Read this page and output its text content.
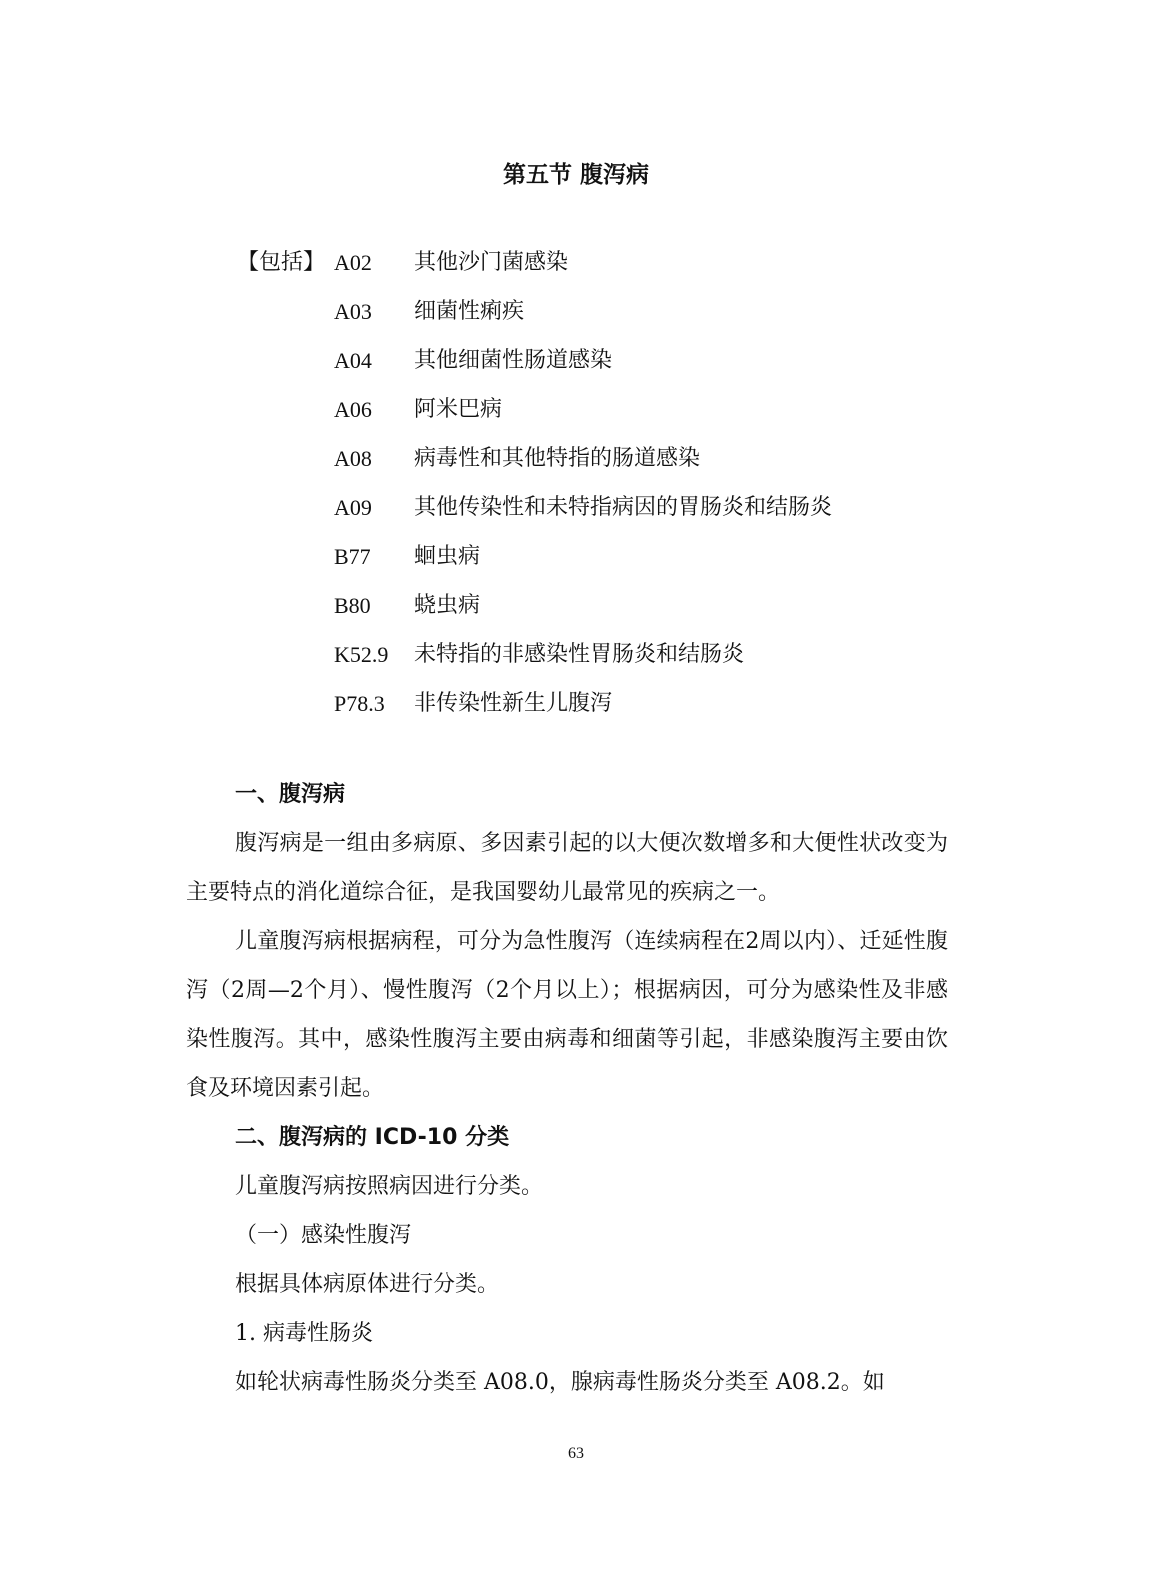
第五节 腹泻病
【包括】 A02	其他沙门菌感染
A03	细菌性痢疾
A04	其他细菌性肠道感染
A06	阿米巴病
A08	病毒性和其他特指的肠道感染
A09	其他传染性和未特指病因的胃肠炎和结肠炎
B77	蛔虫病
B80	蛲虫病
K52.9	未特指的非感染性胃肠炎和结肠炎
P78.3	非传染性新生儿腹泻
一、腹泻病
腹泻病是一组由多病原、多因素引起的以大便次数增多和大便性状改变为主要特点的消化道综合征，是我国婴幼儿最常见的疾病之一。
儿童腹泻病根据病程，可分为急性腹泻（连续病程在2周以内）、迁延性腹泻（2周—2个月）、慢性腹泻（2个月以上）；根据病因，可分为感染性及非感染性腹泻。其中，感染性腹泻主要由病毒和细菌等引起，非感染腹泻主要由饮食及环境因素引起。
二、腹泻病的 ICD-10 分类
儿童腹泻病按照病因进行分类。
（一）感染性腹泻
根据具体病原体进行分类。
1. 病毒性肠炎
如轮状病毒性肠炎分类至 A08.0，腺病毒性肠炎分类至 A08.2。如
63
